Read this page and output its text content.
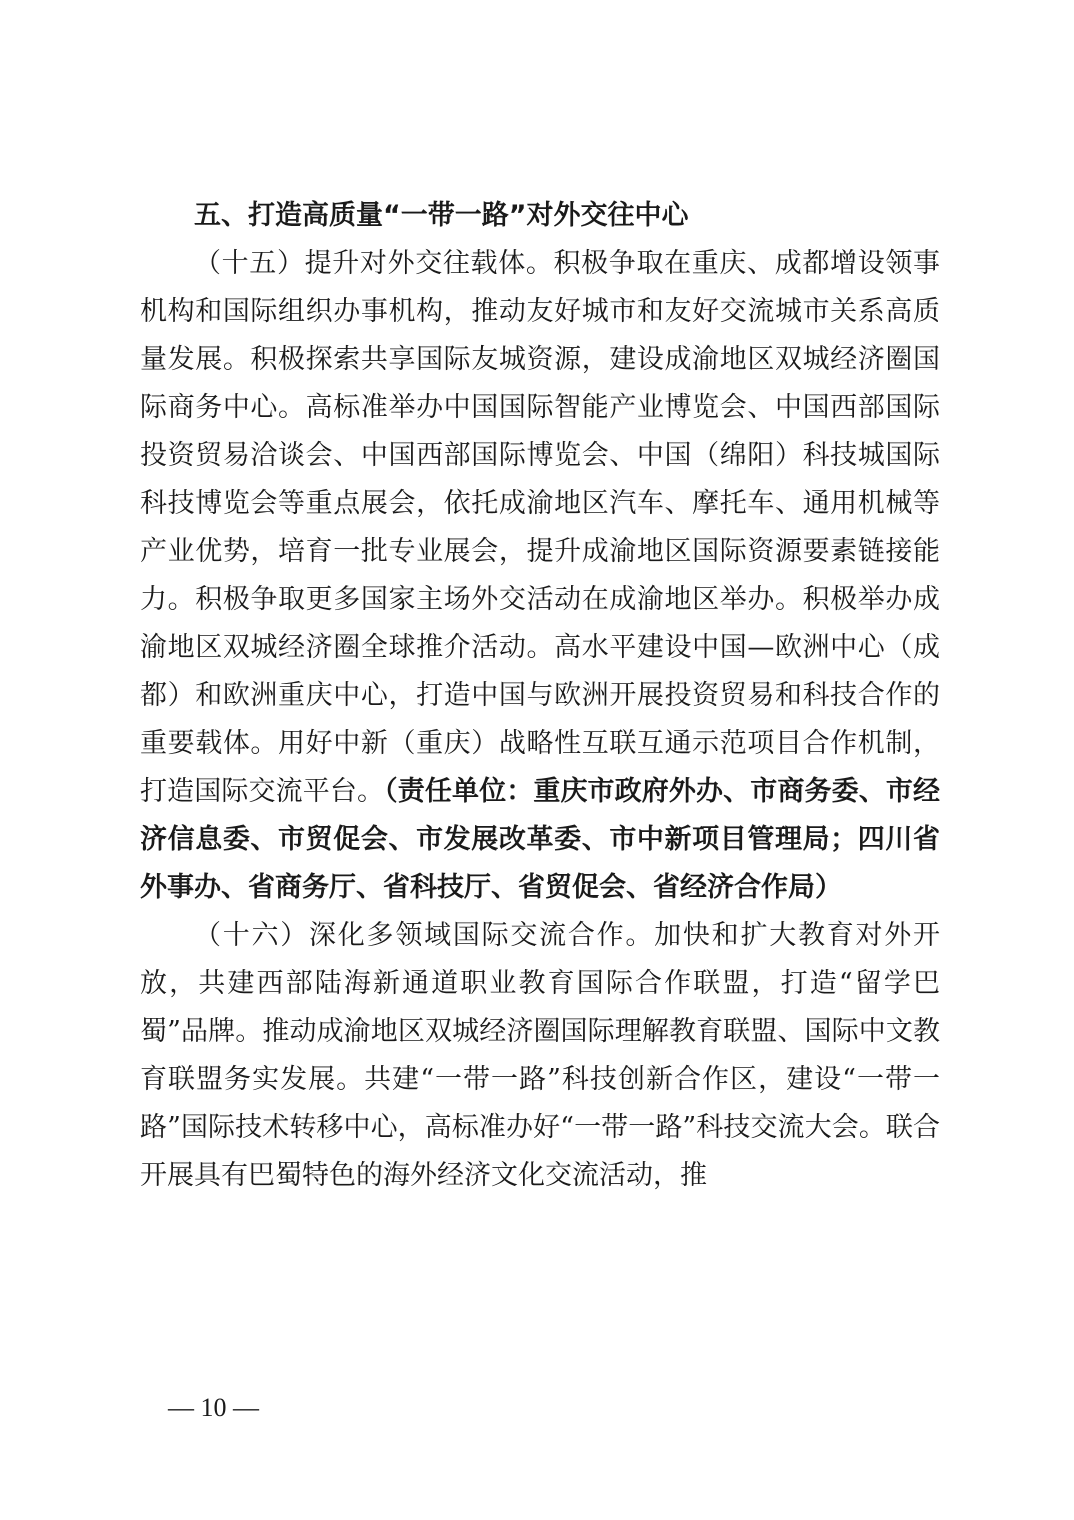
五、打造高质量“一带一路”对外交往中心

（十五）提升对外交往载体。积极争取在重庆、成都增设领事机构和国际组织办事机构，推动友好城市和友好交流城市关系高质量发展。积极探索共享国际友城资源，建设成渝地区双城经济圈国际商务中心。高标准举办中国国际智能产业博览会、中国西部国际投资贸易洽谈会、中国西部国际博览会、中国（绵阳）科技城国际科技博览会等重点展会，依托成渝地区汽车、摩托车、通用机械等产业优势，培育一批专业展会，提升成渝地区国际资源要素链接能力。积极争取更多国家主场外交活动在成渝地区举办。积极举办成渝地区双城经济圈全球推介活动。高水平建设中国—欧洲中心（成都）和欧洲重庆中心，打造中国与欧洲开展投资贸易和科技合作的重要载体。用好中新（重庆）战略性互联互通示范项目合作机制，打造国际交流平台。（责任单位：重庆市政府外办、市商务委、市经济信息委、市贸促会、市发展改革委、市中新项目管理局；四川省外事办、省商务厅、省科技厅、省贸促会、省经济合作局）

（十六）深化多领域国际交流合作。加快和扩大教育对外开放，共建西部陆海新通道职业教育国际合作联盟，打造“留学巴蜀”品牌。推动成渝地区双城经济圈国际理解教育联盟、国际中文教育联盟务实发展。共建“一带一路”科技创新合作区，建设“一带一路”国际技术转移中心，高标准办好“一带一路”科技交流大会。联合开展具有巴蜀特色的海外经济文化交流活动，推

— 10 —
